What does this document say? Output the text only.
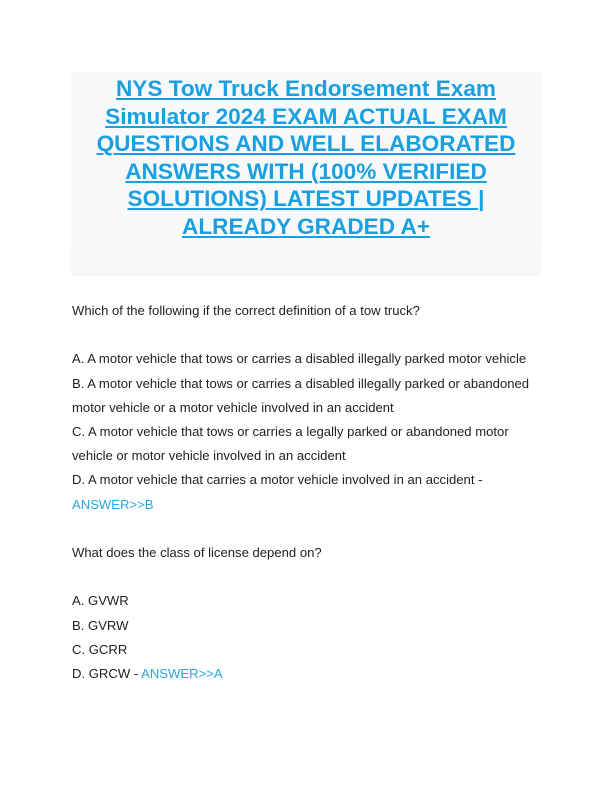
NYS Tow Truck Endorsement Exam Simulator 2024 EXAM ACTUAL EXAM QUESTIONS AND WELL ELABORATED ANSWERS WITH (100% VERIFIED SOLUTIONS) LATEST UPDATES | ALREADY GRADED A+

Which of the following if the correct definition of a tow truck?

A. A motor vehicle that tows or carries a disabled illegally parked motor vehicle

B. A motor vehicle that tows or carries a disabled illegally parked or abandoned motor vehicle or a motor vehicle involved in an accident

C. A motor vehicle that tows or carries a legally parked or abandoned motor vehicle or motor vehicle involved in an accident

D. A motor vehicle that carries a motor vehicle involved in an accident -
ANSWER>>B

What does the class of license depend on?

A. GVWR

B. GVRW

C. GCRR

D. GRCW - ANSWER>>A
